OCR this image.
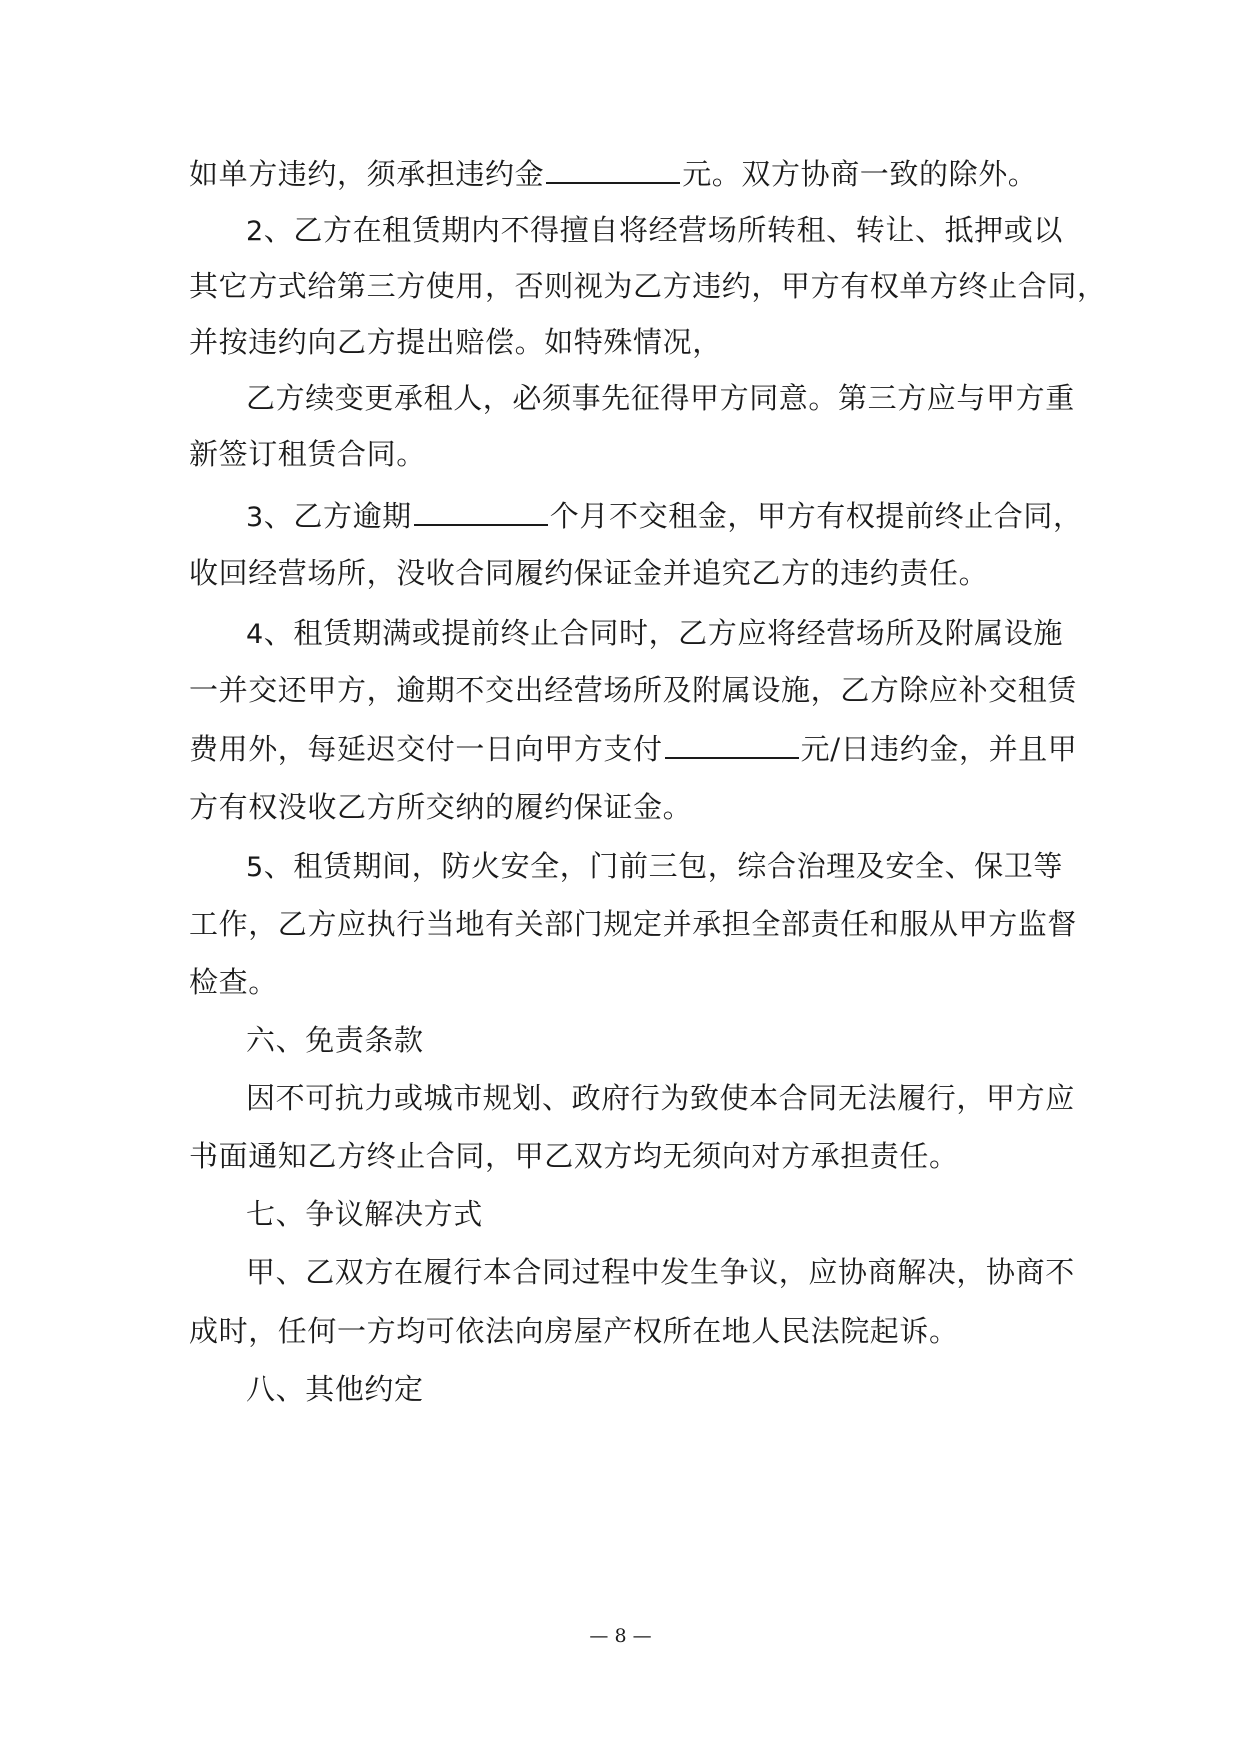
如单方违约，须承担违约金	元。双方协商一致的除外。
2、乙方在租赁期内不得擅自将经营场所转租、转让、抵押或以
其它方式给第三方使用，否则视为乙方违约，甲方有权单方终止合同，
并按违约向乙方提出赔偿。如特殊情况，
乙方续变更承租人，必须事先征得甲方同意。第三方应与甲方重
新签订租赁合同。
3、乙方逾期	个月不交租金，甲方有权提前终止合同，
收回经营场所，没收合同履约保证金并追究乙方的违约责任。
4、租赁期满或提前终止合同时，乙方应将经营场所及附属设施
一并交还甲方，逾期不交出经营场所及附属设施，乙方除应补交租赁
费用外，每延迟交付一日向甲方支付	元/日违约金，并且甲
方有权没收乙方所交纳的履约保证金。
5、租赁期间，防火安全，门前三包，综合治理及安全、保卫等
工作，乙方应执行当地有关部门规定并承担全部责任和服从甲方监督
检查。
六、免责条款
因不可抗力或城市规划、政府行为致使本合同无法履行，甲方应
书面通知乙方终止合同，甲乙双方均无须向对方承担责任。
七、争议解决方式
甲、乙双方在履行本合同过程中发生争议，应协商解决，协商不
成时，任何一方均可依法向房屋产权所在地人民法院起诉。
八、其他约定
— 8 —
